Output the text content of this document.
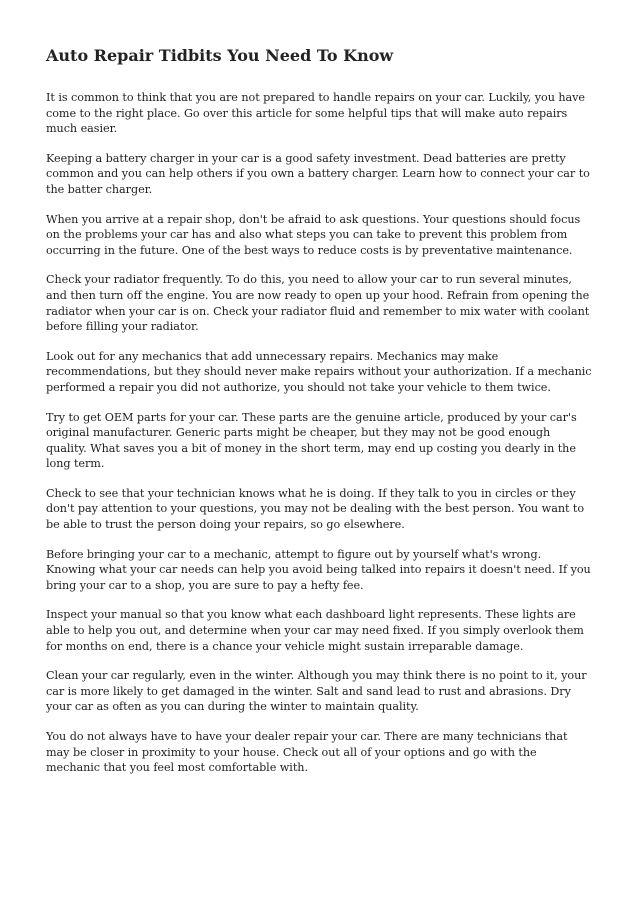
Auto Repair Tidbits You Need To Know

It is common to think that you are not prepared to handle repairs on your car. Luckily, you have come to the right place. Go over this article for some helpful tips that will make auto repairs much easier.

Keeping a battery charger in your car is a good safety investment. Dead batteries are pretty common and you can help others if you own a battery charger. Learn how to connect your car to the batter charger.

When you arrive at a repair shop, don't be afraid to ask questions. Your questions should focus on the problems your car has and also what steps you can take to prevent this problem from occurring in the future. One of the best ways to reduce costs is by preventative maintenance.

Check your radiator frequently. To do this, you need to allow your car to run several minutes, and then turn off the engine. You are now ready to open up your hood. Refrain from opening the radiator when your car is on. Check your radiator fluid and remember to mix water with coolant before filling your radiator.

Look out for any mechanics that add unnecessary repairs. Mechanics may make recommendations, but they should never make repairs without your authorization. If a mechanic performed a repair you did not authorize, you should not take your vehicle to them twice.

Try to get OEM parts for your car. These parts are the genuine article, produced by your car's original manufacturer. Generic parts might be cheaper, but they may not be good enough quality. What saves you a bit of money in the short term, may end up costing you dearly in the long term.

Check to see that your technician knows what he is doing. If they talk to you in circles or they don't pay attention to your questions, you may not be dealing with the best person. You want to be able to trust the person doing your repairs, so go elsewhere.

Before bringing your car to a mechanic, attempt to figure out by yourself what's wrong. Knowing what your car needs can help you avoid being talked into repairs it doesn't need. If you bring your car to a shop, you are sure to pay a hefty fee.

Inspect your manual so that you know what each dashboard light represents. These lights are able to help you out, and determine when your car may need fixed. If you simply overlook them for months on end, there is a chance your vehicle might sustain irreparable damage.

Clean your car regularly, even in the winter. Although you may think there is no point to it, your car is more likely to get damaged in the winter. Salt and sand lead to rust and abrasions. Dry your car as often as you can during the winter to maintain quality.

You do not always have to have your dealer repair your car. There are many technicians that may be closer in proximity to your house. Check out all of your options and go with the mechanic that you feel most comfortable with.
